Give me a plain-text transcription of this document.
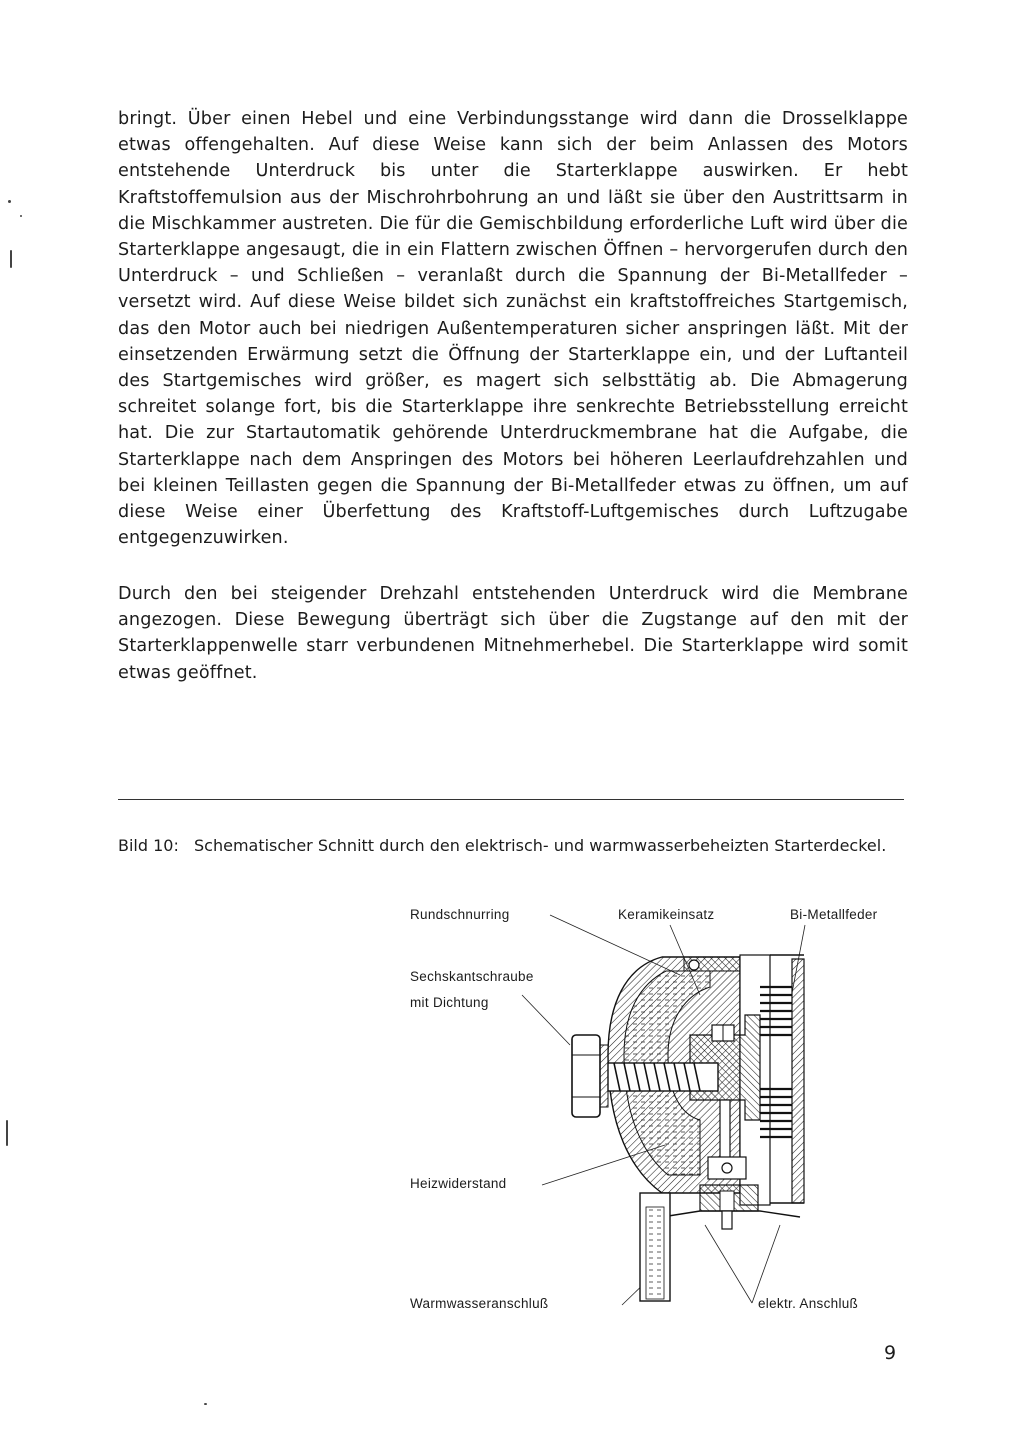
bringt. Über einen Hebel und eine Verbindungsstange wird dann die Drosselklappe etwas offengehalten. Auf diese Weise kann sich der beim Anlassen des Motors entstehende Unterdruck bis unter die Starterklappe auswirken. Er hebt Kraftstoffemulsion aus der Mischrohrbohrung an und läßt sie über den Austrittsarm in die Mischkammer austreten. Die für die Gemischbildung erforderliche Luft wird über die Starterklappe angesaugt, die in ein Flattern zwischen Öffnen – hervorgerufen durch den Unterdruck – und Schließen – veranlaßt durch die Spannung der Bi-Metallfeder – versetzt wird. Auf diese Weise bildet sich zunächst ein kraftstoffreiches Startgemisch, das den Motor auch bei niedrigen Außentemperaturen sicher anspringen läßt. Mit der einsetzenden Erwärmung setzt die Öffnung der Starterklappe ein, und der Luftanteil des Startgemisches wird größer, es magert sich selbsttätig ab. Die Abmagerung schreitet solange fort, bis die Starterklappe ihre senkrechte Betriebsstellung erreicht hat. Die zur Startautomatik gehörende Unterdruckmembrane hat die Aufgabe, die Starterklappe nach dem Anspringen des Motors bei höheren Leerlaufdrehzahlen und bei kleinen Teillasten gegen die Spannung der Bi-Metallfeder etwas zu öffnen, um auf diese Weise einer Überfettung des Kraftstoff-Luftgemisches durch Luftzugabe entgegenzuwirken.

Durch den bei steigender Drehzahl entstehenden Unterdruck wird die Membrane angezogen. Diese Bewegung überträgt sich über die Zugstange auf den mit der Starterklappenwelle starr verbundenen Mitnehmerhebel. Die Starterklappe wird somit etwas geöffnet.

Bild 10: Schematischer Schnitt durch den elektrisch- und warmwasserbeheizten Starterdeckel.
Rundschnurring	Keramikeinsatz	Bi-Metallfeder
Sechskantschraube
mit Dichtung
Heizwiderstand
Warmwasseranschluß	elektr. Anschluß
9
